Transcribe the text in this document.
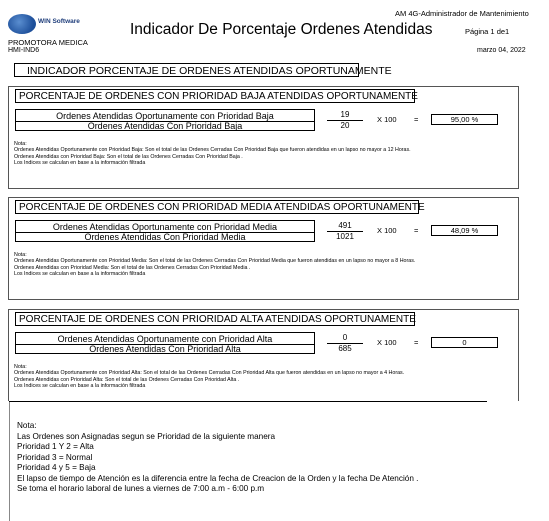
WIN Software	Indicador De Porcentaje Ordenes Atendidas
PROMOTORA MEDICA
HMI-IND6
AM 4G-Administrador de Mantenimiento
Página 1 de1
marzo 04, 2022
INDICADOR PORCENTAJE DE ORDENES ATENDIDAS OPORTUNAMENTE
PORCENTAJE DE ORDENES CON PRIORIDAD BAJA ATENDIDAS OPORTUNAMENTE
Ordenes Atendidas Oportunamente con Prioridad Baja
Ordenes Atendidas Con Prioridad Baja
19
20
X 100 =	95,00 %
Nota:
Ordenes Atendidas Oportunamente con Prioridad Baja: Son el total de las Ordenes Cerradas Con Prioridad Baja que fueron atendidas en un lapso no mayor a 12 Horas.
Ordenes Atendidas con Prioridad Baja: Son el total de las Ordenes Cerradas Con Prioridad Baja .
Los Indices se calculan en base a la información filtrada
PORCENTAJE DE ORDENES CON PRIORIDAD MEDIA ATENDIDAS OPORTUNAMENTE
Ordenes Atendidas Oportunamente con Prioridad Media
Ordenes Atendidas Con Prioridad Media
491
1021
X 100 =	48,09 %
Nota:
Ordenes Atendidas Oportunamente con Prioridad Media: Son el total de las Ordenes Cerradas Con Prioridad Media que fueron atendidas en un lapso no mayor a 8 Horas.
Ordenes Atendidas con Prioridad Media: Son el total de las Ordenes Cerradas Con Prioridad Media .
Los Indices se calculan en base a la información filtrada
PORCENTAJE DE ORDENES CON PRIORIDAD ALTA ATENDIDAS OPORTUNAMENTE
Ordenes Atendidas Oportunamente con Prioridad Alta
Ordenes Atendidas Con Prioridad Alta
0
685
X 100 =	0
Nota:
Ordenes Atendidas Oportunamente con Prioridad Alta: Son el total de las Ordenes Cerradas Con Prioridad Alta que fueron atendidas en un lapso no mayor a 4 Horas.
Ordenes Atendidas con Prioridad Alta: Son el total de las Ordenes Cerradas Con Prioridad Alta .
Los Indices se calculan en base a la información filtrada
Nota:
Las Ordenes son Asignadas segun se Prioridad de la siguiente manera
Prioridad 1 Y 2 = Alta
Prioridad 3 = Normal
Prioridad 4 y 5 = Baja
El lapso de tiempo de Atención es la diferencia entre la fecha de Creacion de la Orden y la fecha De Atención .
Se toma el horario laboral de lunes a viernes de 7:00 a.m - 6:00 p.m
